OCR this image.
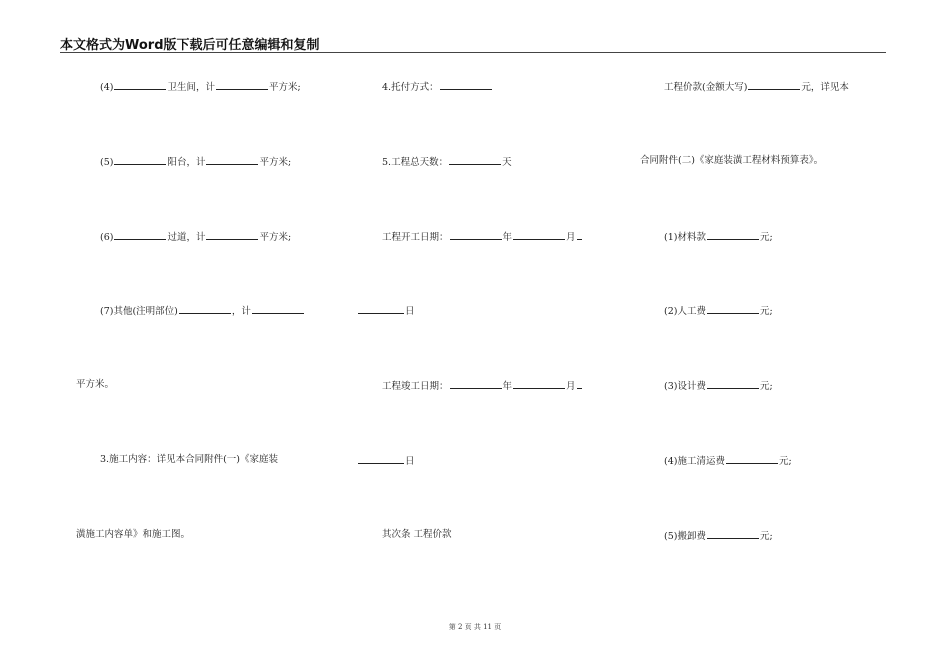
本文格式为Word版下载后可任意编辑和复制
(4)	卫生间，计	平方米;
(5)	阳台，计	平方米;
(6)	过道，计	平方米;
(7)其他(注明部位)	，计
平方米。
3.施工内容：详见本合同附件(一)《家庭装
潢施工内容单》和施工图。
4.托付方式：
5.工程总天数：	天
工程开工日期：	年	月
日
工程竣工日期：	年	月
日
其次条 工程价款
工程价款(金额大写)	元，详见本
合同附件(二)《家庭装潢工程材料预算表》。
(1)材料款	元;
(2)人工费	元;
(3)设计费	元;
(4)施工清运费	元;
(5)搬卸费	元;
第 2 页 共 11 页
